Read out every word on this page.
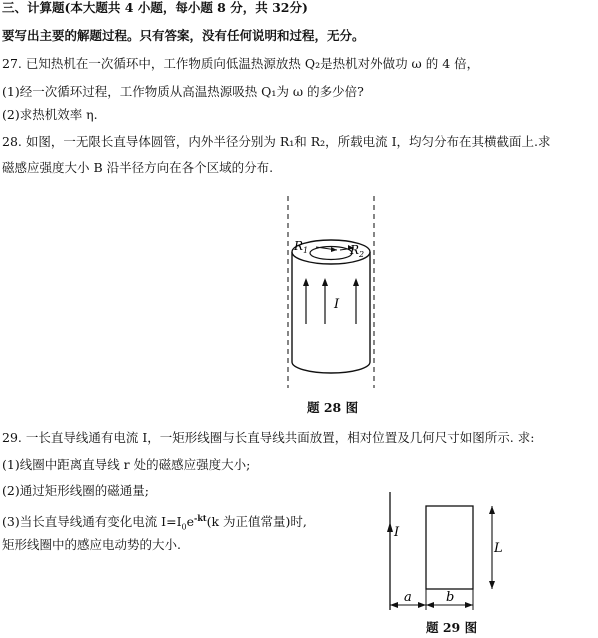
三、计算题(本大题共 4 小题，每小题 8 分，共 32分)
要写出主要的解题过程。只有答案，没有任何说明和过程，无分。
27. 已知热机在一次循环中，工作物质向低温热源放热 Q₂是热机对外做功 ω 的 4 倍，
(1)经一次循环过程，工作物质从高温热源吸热 Q₁为 ω 的多少倍?
(2)求热机效率 η.
28. 如图，一无限长直导体圆管，内外半径分别为 R₁和 R₂，所载电流 I，均匀分布在其横截面上.求
磁感应强度大小 B 沿半径方向在各个区域的分布.
$R_1$	$R_2$
I
题 28 图
29. 一长直导线通有电流 I，一矩形线圈与长直导线共面放置，相对位置及几何尺寸如图所示. 求:
(1)线圈中距离直导线 r 处的磁感应强度大小;
(2)通过矩形线圈的磁通量;
(3)当长直导线通有变化电流 $I=I_0e^{-kt}(k$ 为正值常量)时,
矩形线圈中的感应电动势的大小.
I
L
a	b
题 29 图
